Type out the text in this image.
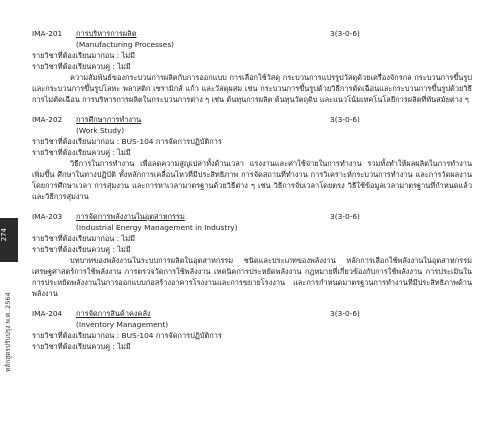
274
หลักสูตรปรับปรุง พ.ศ. 2564
IMA-201	การบริหารการผลิต	3(3-0-6)
(Manufacturing Processes)
รายวิชาที่ต้องเรียนมาก่อน : ไม่มี
รายวิชาที่ต้องเรียนควบคู่ : ไม่มี
ความสัมพันธ์ของกระบวนการผลิตกับการออกแบบ การเลือกใช้วัสดุ กระบวนการแปรรูปวัสดุด้วยเครื่องจักรกล กระบวนการขึ้นรูปและกระบวนการขึ้นรูปโลหะ พลาสติก เซรามิกส์ แก้ว และวัสดุผสม เช่น กระบวนการขึ้นรูปด้วยวิธีการตัดเฉือนและกระบวนการขึ้นรูปด้วยวิธีการไม่ตัดเฉือน การบริหารการผลิตในกระบวนการต่าง ๆ เช่น ต้นทุนการผลิต ต้นทุนวัตถุดิบ และแนวโน้มเทคโนโลยีการผลิตที่ทันสมัยต่าง ๆ
IMA-202	การศึกษาการทำงาน	3(3-0-6)
(Work Study)
รายวิชาที่ต้องเรียนมาก่อน : BUS-104 การจัดการปฏิบัติการ
รายวิชาที่ต้องเรียนควบคู่ : ไม่มี
วิธีการในการทำงาน เพื่อลดความสูญเปล่าทั้งด้านเวลา แรงงานและค่าใช้จ่ายในการทำงาน รวมทั้งทำให้ผลผลิตในการทำงานเพิ่มขึ้น ศึกษาในทางปฏิบัติ ทั้งหลักการเคลื่อนไหวที่มีประสิทธิภาพ การจัดสถานที่ทำงาน การวิเคราะห์กระบวนการทำงาน และการวัดผลงานโดยการศึกษาเวลา การสุ่มงาน และการหาเวลามาตรฐานด้วยวิธีต่าง ๆ เช่น วิธีการจับเวลาโดยตรง วิธีใช้ข้อมูลเวลามาตรฐานที่กำหนดแล้ว และวิธีการสุ่มงาน
IMA-203	การจัดการพลังงานในอุตสาหกรรม	3(3-0-6)
(Industrial Energy Management in Industry)
รายวิชาที่ต้องเรียนมาก่อน : ไม่มี
รายวิชาที่ต้องเรียนควบคู่ : ไม่มี
บทบาทของพลังงานในระบบการผลิตในอุตสาหกรรม ชนิดและประเภทของพลังงาน หลักการเลือกใช้พลังงานในอุตสาหกรรม เศรษฐศาสตร์การใช้พลังงาน การตรวจวัดการใช้พลังงาน เทคนิคการประหยัดพลังงาน กฎหมายที่เกี่ยวข้องกับการใช้พลังงาน การประเมินในการประหยัดพลังงานในการออกแบบก่อสร้างอาคารโรงงานและการขยายโรงงาน และการกำหนดมาตรฐานการทำงานที่มีประสิทธิภาพด้านพลังงาน
IMA-204	การจัดการสินค้าคงคลัง	3(3-0-6)
(Inventory Management)
รายวิชาที่ต้องเรียนมาก่อน : BUS-104 การจัดการปฏิบัติการ
รายวิชาที่ต้องเรียนควบคู่ : ไม่มี
